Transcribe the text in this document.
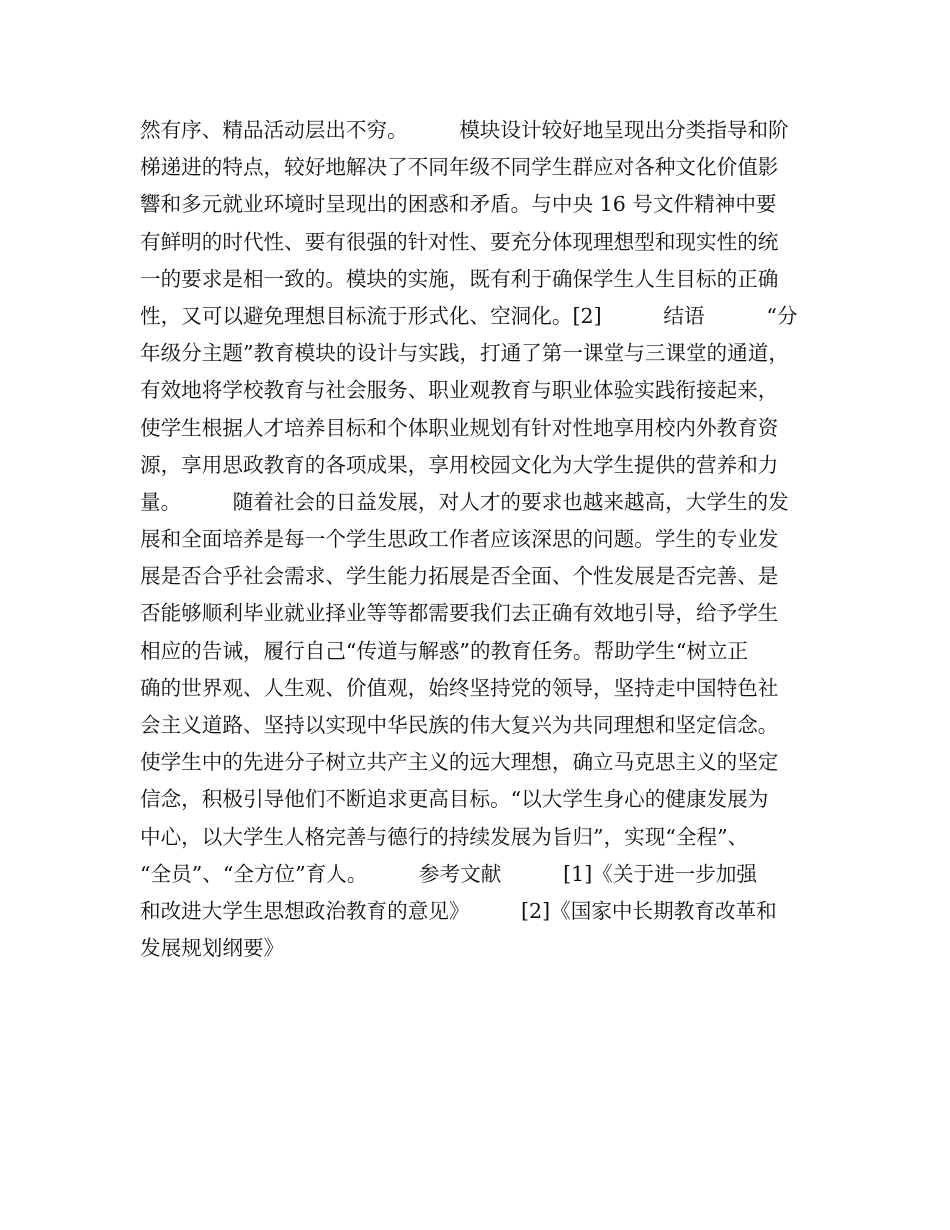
然有序、精品活动层出不穷。　　　模块设计较好地呈现出分类指导和阶
梯递进的特点，较好地解决了不同年级不同学生群应对各种文化价值影
響和多元就业环境时呈现出的困惑和矛盾。与中央 16 号文件精神中要
有鲜明的时代性、要有很强的针对性、要充分体现理想型和现实性的统
一的要求是相一致的。模块的实施，既有利于确保学生人生目标的正确
性，又可以避免理想目标流于形式化、空洞化。[2]　　　结语　　　“分
年级分主题”教育模块的设计与实践，打通了第一课堂与三课堂的通道，
有效地将学校教育与社会服务、职业观教育与职业体验实践衔接起来，
使学生根据人才培养目标和个体职业规划有针对性地享用校内外教育资
源，享用思政教育的各项成果，享用校园文化为大学生提供的营养和力
量。　　　随着社会的日益发展，对人才的要求也越来越高，大学生的发
展和全面培养是每一个学生思政工作者应该深思的问题。学生的专业发
展是否合乎社会需求、学生能力拓展是否全面、个性发展是否完善、是
否能够顺利毕业就业择业等等都需要我们去正确有效地引导，给予学生
相应的告诫，履行自己“传道与解惑”的教育任务。帮助学生“树立正
确的世界观、人生观、价值观，始终坚持党的领导，坚持走中国特色社
会主义道路、坚持以实现中华民族的伟大复兴为共同理想和坚定信念。
使学生中的先进分子树立共产主义的远大理想，确立马克思主义的坚定
信念，积极引导他们不断追求更高目标。“以大学生身心的健康发展为
中心，以大学生人格完善与德行的持续发展为旨归”，实现“全程”、
“全员”、“全方位”育人。　　　参考文献　　　[1]《关于进一步加强
和改进大学生思想政治教育的意见》　　　[2]《国家中长期教育改革和
发展规划纲要》
